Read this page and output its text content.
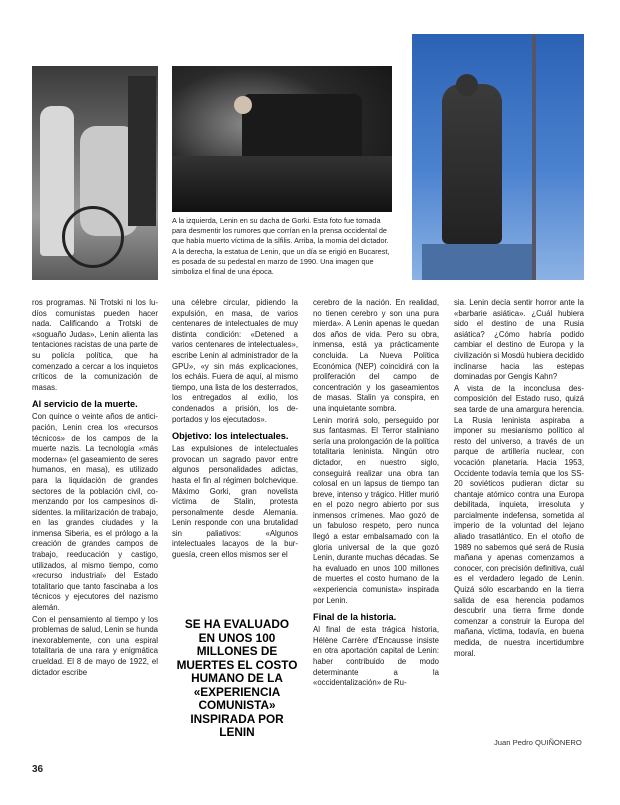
A la izquierda, Lenin en su dacha de Gorki. Esta foto fue tomada para desmentir los rumores que corrían en la prensa occidental de que había muerto víctima de la sífilis. Arriba, la momia del dictador. A la derecha, la estatua de Lenin, que un día se erigió en Bucarest, es posada de su pedestal en marzo de 1990. Una imagen que simboliza el final de una época.

ros programas. Ni Trotski ni los ludíos comunistas pueden hacer nada. Calificando a Trotski de «soguaño Judas», Lenin alienta las tentaciones racistas de una parte de su policía política, que ha comenzado a cercar a los inquietos críticos de la comunización de masas.

Al servicio de la muerte.

Con quince o veinte años de anticipación, Lenin crea los «recursos técnicos» de los campos de la muerte nazis. La tecnología «más moderna» (el gaseamiento de seres humanos, en masa), es utilizado para la liquidación de grandes sectores de la población civil, comenzando por los campesinos disidentes. la militarización de trabajo, en las grandes ciudades y la inmensa Siberia, es el prólogo a la creación de grandes campos de trabajo, reeducación y castigo, utilizados, al mismo tiempo, como «recurso industrial» del Estado totalitario que tanto fascinaba a los técnicos y ejecutores del nazismo alemán.

Con el pensamiento al tiempo y los problemas de salud, Lenin se hunda inexorablemente, con una espiral totalitaria de una rara y enigmática crueldad. El 8 de mayo de 1922, el dictador escribe

una célebre circular, pidiendo la expulsión, en masa, de varios centenares de intelectuales de muy distinta condición: «Detened a varios centenares de intelectuales», escribe Lenin al administrador de la GPU», «y sin más explicaciones, los echáis. Fuera de aquí, al mismo tiempo, una lista de los desterrados, los entregados al exilio, los condenados a prisión, los deportados y los ejecutados».

Objetivo: los intelectuales.

Las expulsiones de intelectuales provocan un sagrado pavor entre algunos personalidades adictas, hasta el fin al régimen bolchevique. Máximo Gorki, gran novelista víctima de Stalin, protesta personalmente desde Alemania. Lenin responde con una brutalidad sin paliativos: «Algunos intelectuales lacayos de la burguesía, creen ellos mismos ser el

SE HA EVALUADO EN UNOS 100 MILLONES DE MUERTES EL COSTO HUMANO DE LA «EXPERIENCIA COMUNISTA» INSPIRADA POR LENIN

cerebro de la nación. En realidad, no tienen cerebro y son una pura mierda». A Lenin apenas le quedan dos años de vida. Pero su obra, inmensa, está ya prácticamente concluida. La Nueva Política Económica (NEP) coincidirá con la proliferación del campo de concentración y los gaseamientos de masas. Stalin ya conspira, en una inquietante sombra.

Lenin morirá solo, perseguido por sus fantasmas. El Terror staliniano sería una prolongación de la política totalitaria leninista. Ningún otro dictador, en nuestro siglo, conseguirá realizar una obra tan colosal en un lapsus de tiempo tan breve, intenso y trágico. Hitler murió en el pozo negro abierto por sus inmensos crímenes. Mao gozó de un fabuloso respeto, pero nunca llegó a estar embalsamado con la gloria universal de la que gozó Lenin, durante muchas décadas. Se ha evaluado en unos 100 millones de muertes el costo humano de la «experiencia comunista» inspirada por Lenin.

Final de la historia.

Al final de esta trágica historia, Hélène Carrère d'Encausse insiste en otra aportación capital de Lenin: haber contribuido de modo determinante a la «occidentalización» de Ru-

sia. Lenin decía sentir horror ante la «barbarie asiática». ¿Cuál hubiera sido el destino de una Rusia asiática? ¿Cómo habría podido cambiar el destino de Europa y la civilización si Mosdú hubiera decidido inclinarse hacia las estepas dominadas por Gengis Kahn?

A vista de la inconclusa descomposición del Estado ruso, quizá sea tarde de una amargura herencia. La Rusia leninista aspiraba a imponer su mesianismo político al resto del universo, a través de un parque de artillería nuclear, con vocación planetaria. Hacia 1953, Occidente todavía temía que los SS-20 soviéticos pudieran dictar su chantaje atómico contra una Europa debilitada, inquieta, irresoluta y parcialmente indefensa, sometida al imperio de la voluntad del lejano aliado trasatlántico. En el otoño de 1989 no sabemos qué será de Rusia mañana y apenas comenzamos a conocer, con precisión definitiva, cuál es el verdadero legado de Lenin. Quizá sólo escarbando en la tierra salida de esa herencia podamos descubrir una tierra firme donde comenzar a construir la Europa del mañana, víctima, todavía, en buena medida, de nuestra incertidumbre moral.

Juan Pedro QUIÑONERO

36
